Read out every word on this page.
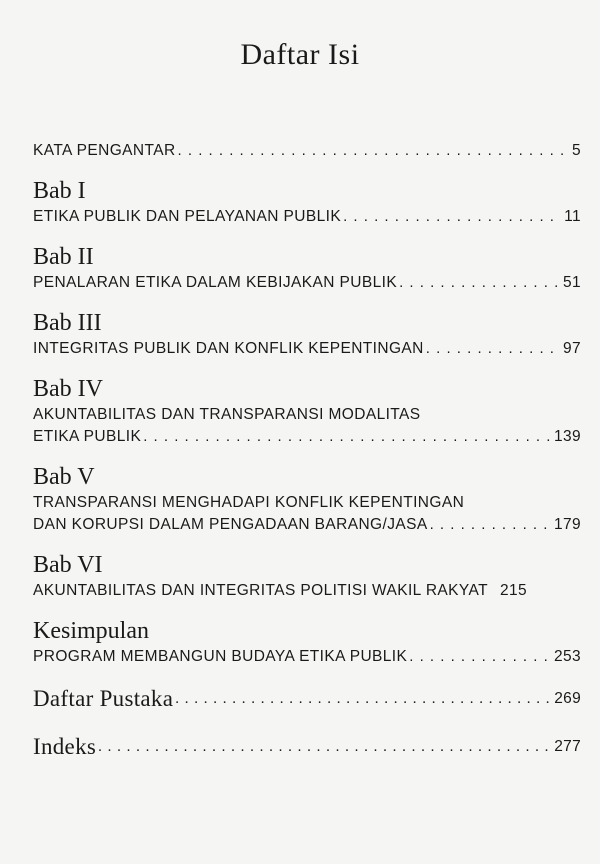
Daftar Isi
KATA PENGANTAR . . .	5
Bab I
ETIKA PUBLIK DAN PELAYANAN PUBLIK . . .	11
Bab II
PENALARAN ETIKA DALAM KEBIJAKAN PUBLIK . . .	51
Bab III
INTEGRITAS PUBLIK DAN KONFLIK KEPENTINGAN . . .	97
Bab IV
AKUNTABILITAS DAN TRANSPARANSI MODALITAS
ETIKA PUBLIK . . .	139
Bab V
TRANSPARANSI MENGHADAPI KONFLIK KEPENTINGAN
DAN KORUPSI DALAM PENGADAAN BARANG/JASA . . .	179
Bab VI
AKUNTABILITAS DAN INTEGRITAS POLITISI WAKIL RAKYAT 215
Kesimpulan
PROGRAM MEMBANGUN BUDAYA ETIKA PUBLIK . . .	253
Daftar Pustaka . . .	269
Indeks . . .	277
